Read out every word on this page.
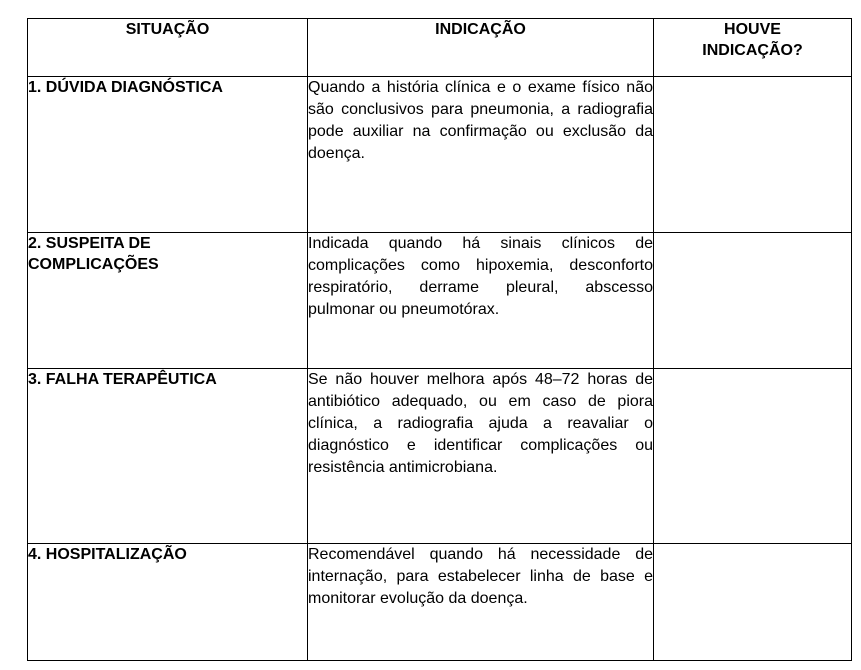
SITUAÇÃO	INDICAÇÃO	HOUVE INDICAÇÃO?

1. DÚVIDA DIAGNÓSTICA	Quando a história clínica e o exame físico não são conclusivos para pneumonia, a radiografia pode auxiliar na confirmação ou exclusão da doença.	

2. SUSPEITA DE COMPLICAÇÕES	Indicada quando há sinais clínicos de complicações como hipoxemia, desconforto respiratório, derrame pleural, abscesso pulmonar ou pneumotórax.	
3. FALHA TERAPÊUTICA	Se não houver melhora após 48–72 horas de antibiótico adequado, ou em caso de piora clínica, a radiografia ajuda a reavaliar o diagnóstico e identificar complicações ou resistência antimicrobiana.	
4. HOSPITALIZAÇÃO	Recomendável quando há necessidade de internação, para estabelecer linha de base e monitorar evolução da doença.	
